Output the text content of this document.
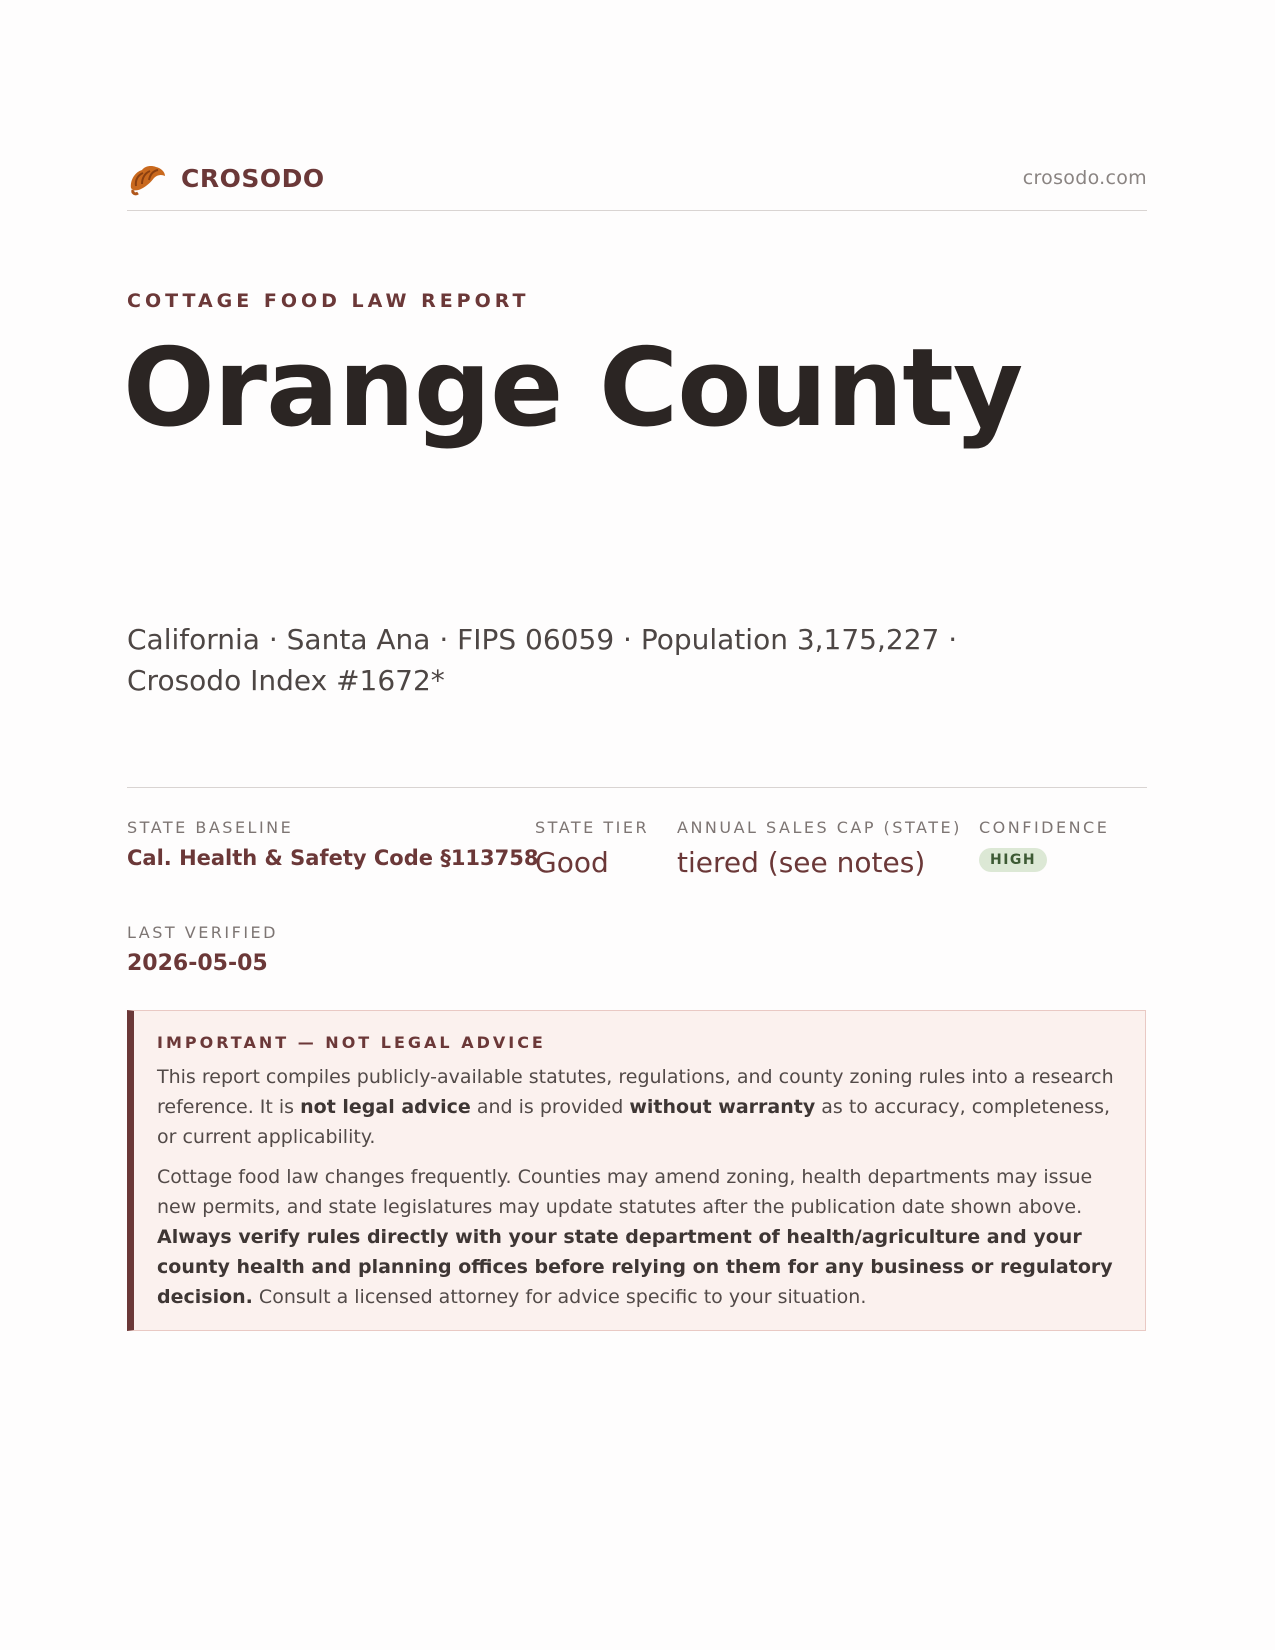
CROSODO	crosodo.com
COTTAGE FOOD LAW REPORT
Orange County
California · Santa Ana · FIPS 06059 · Population 3,175,227 · Crosodo Index #1672*
STATE BASELINE
Cal. Health & Safety Code §113758
STATE TIER
Good
ANNUAL SALES CAP (STATE)
tiered (see notes)
CONFIDENCE
HIGH
LAST VERIFIED
2026-05-05
IMPORTANT — NOT LEGAL ADVICE

This report compiles publicly-available statutes, regulations, and county zoning rules into a research reference. It is not legal advice and is provided without warranty as to accuracy, completeness, or current applicability.

Cottage food law changes frequently. Counties may amend zoning, health departments may issue new permits, and state legislatures may update statutes after the publication date shown above. Always verify rules directly with your state department of health/agriculture and your county health and planning offices before relying on them for any business or regulatory decision. Consult a licensed attorney for advice specific to your situation.
